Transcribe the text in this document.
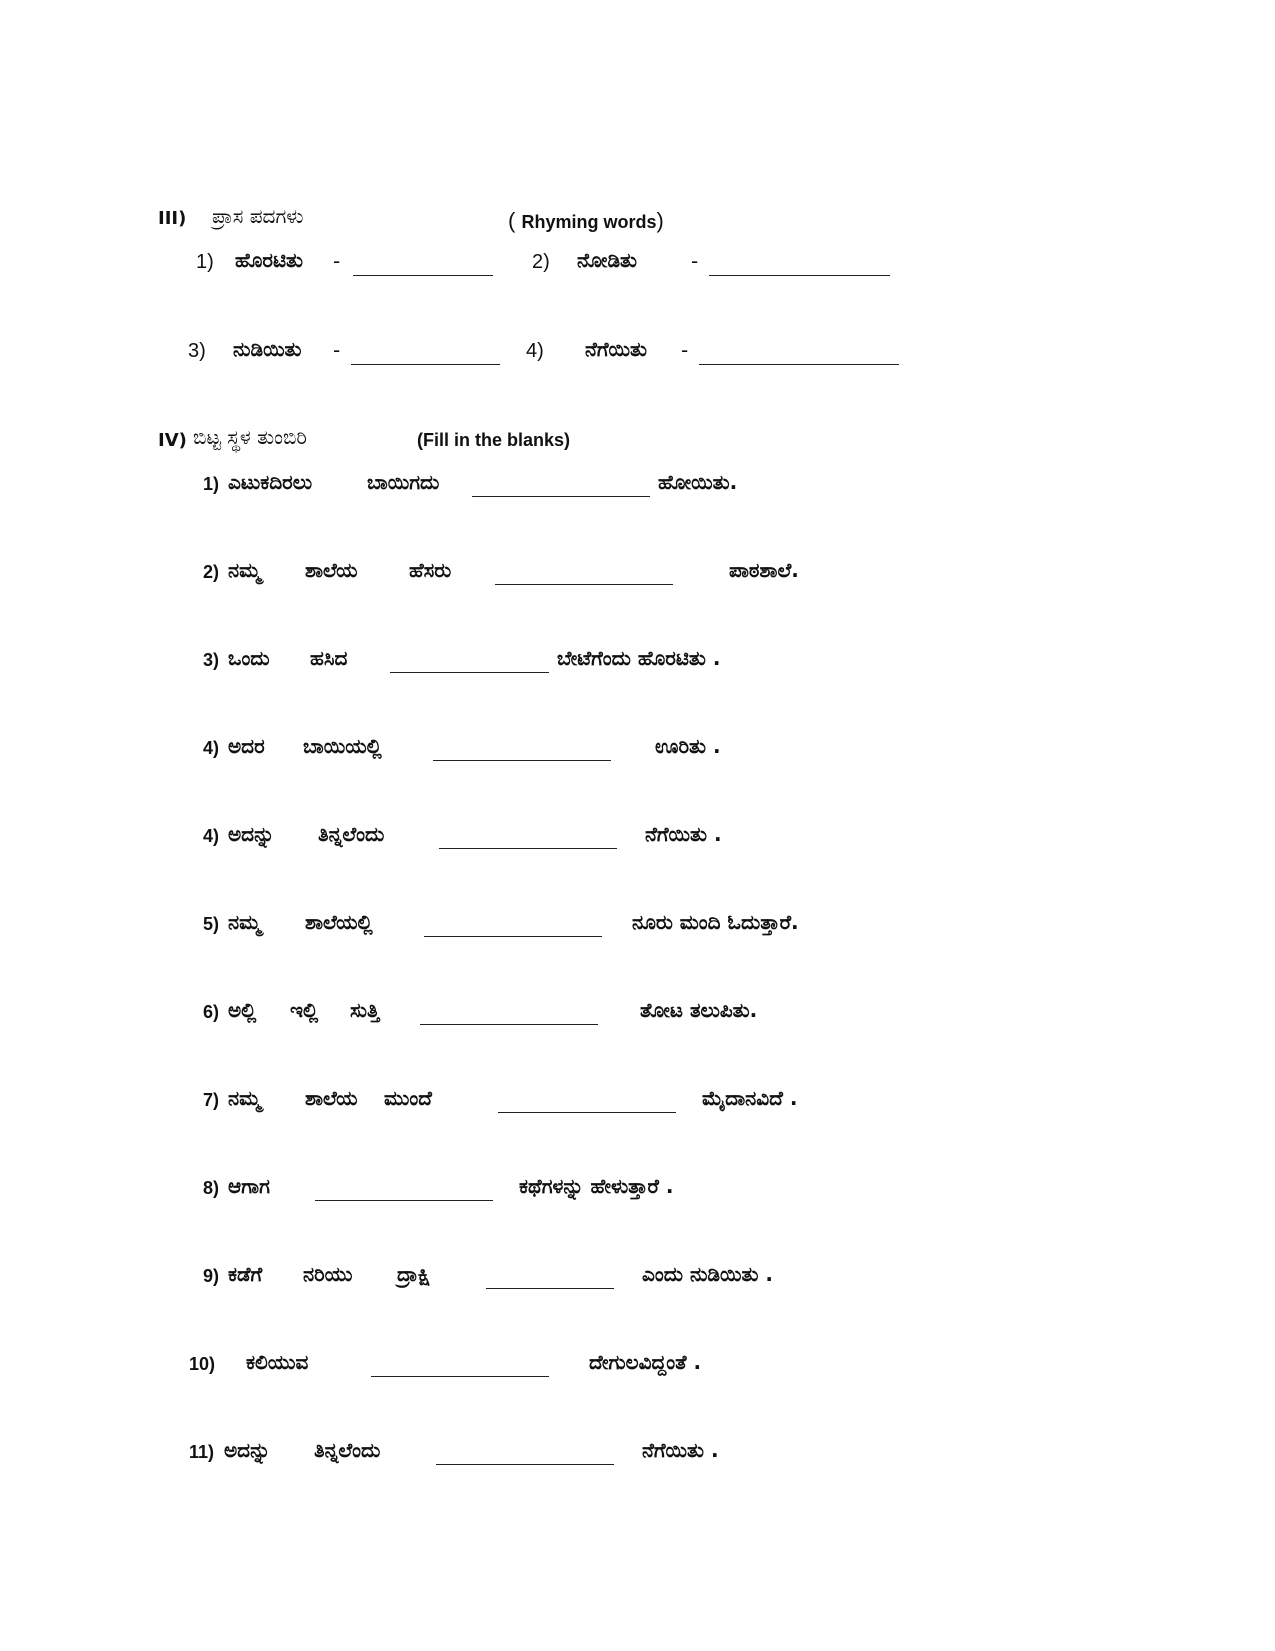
III) ಪ್ರಾಸ ಪದಗಳು	( Rhyming words)
1) ಹೊರಟಿತು -	2) ನೋಡಿತು	-
3) ನುಡಿಯಿತು -	4) ನೆಗೆಯಿತು -
IV) ಬಿಟ್ಟ ಸ್ಥಳ ತುಂಬಿರಿ	(Fill in the blanks)
1) ಎಟುಕದಿರಲು	ಬಾಯಿಗದು	ಹೋಯಿತು.
2) ನಮ್ಮ ಶಾಲೆಯ	ಹೆಸರು	ಪಾಠಶಾಲೆ.
3) ಒಂದು ಹಸಿದ	ಬೇಟೆಗೆಂದು ಹೊರಟಿತು .
4) ಅದರ ಬಾಯಿಯಲ್ಲಿ	ಊರಿತು .
4) ಅದನ್ನು ತಿನ್ನಲೆಂದು	ನೆಗೆಯಿತು .
5) ನಮ್ಮ ಶಾಲೆಯಲ್ಲಿ	ನೂರು ಮಂದಿ ಓದುತ್ತಾರೆ.
6) ಅಲ್ಲಿ ಇಲ್ಲಿ ಸುತ್ತಿ	ತೋಟ ತಲುಪಿತು.
7) ನಮ್ಮ ಶಾಲೆಯ ಮುಂದೆ	ಮೈದಾನವಿದೆ .
8) ಆಗಾಗ	ಕಥೆಗಳನ್ನು ಹೇಳುತ್ತಾರೆ .
9) ಕಡೆಗೆ ನರಿಯು ದ್ರಾಕ್ಷಿ	ಎಂದು ನುಡಿಯಿತು .
10) ಕಲಿಯುವ	ದೇಗುಲವಿದ್ದಂತೆ .
11) ಅದನ್ನು ತಿನ್ನಲೆಂದು	ನೆಗೆಯಿತು .
